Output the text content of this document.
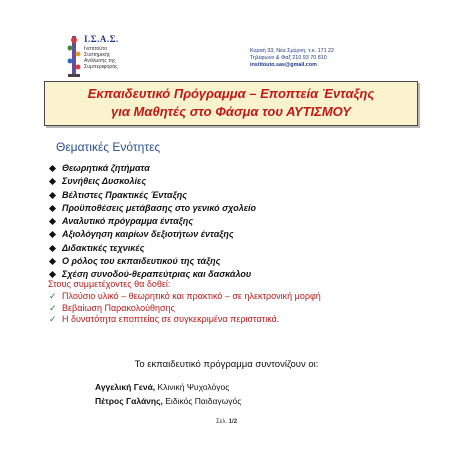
Ι.Σ.Α.Σ.
Ινστιτούτο
Συστημικής
Ανάλυσης της
Συμπεριφοράς
Κοραή 33, Νέα Σμύρνη, τ.κ. 171 22
Τηλέφωνο & Φαξ 210 93 70 810
institouto.sas@gmail.com
Εκπαιδευτικό Πρόγραμμα – Εποπτεία Ένταξης
για Μαθητές στο Φάσμα του ΑΥΤΙΣΜΟΥ
Θεματικές Ενότητες
Θεωρητικά ζητήματα
Συνήθεις Δυσκολίες
Βέλτιστες Πρακτικές Ένταξης
Προϋποθέσεις μετάβασης στο γενικό σχολείο
Αναλυτικό πρόγραμμα ένταξης
Αξιολόγηση καιρίων δεξιοτήτων ένταξης
Διδακτικές τεχνικές
Ο ρόλος του εκπαιδευτικού της τάξης
Σχέση συνοδού-θεραπεύτριας και δασκάλου
Στους συμμετέχοντες θα δοθεί:
✓ Πλούσιο υλικό – θεωρητικό και πρακτικό – σε ηλεκτρονική μορφή
✓ Βεβαίωση Παρακολούθησης
✓ Η δυνατότητα εποπτείας σε συγκεκριμένα περιστατικά.
Το εκπαιδευτικό πρόγραμμα συντονίζουν οι:
Αγγελική Γενά, Κλινική Ψυχολόγος
Πέτρος Γαλάνης, Ειδικός Παιδαγωγός
Σελ. 1/2
